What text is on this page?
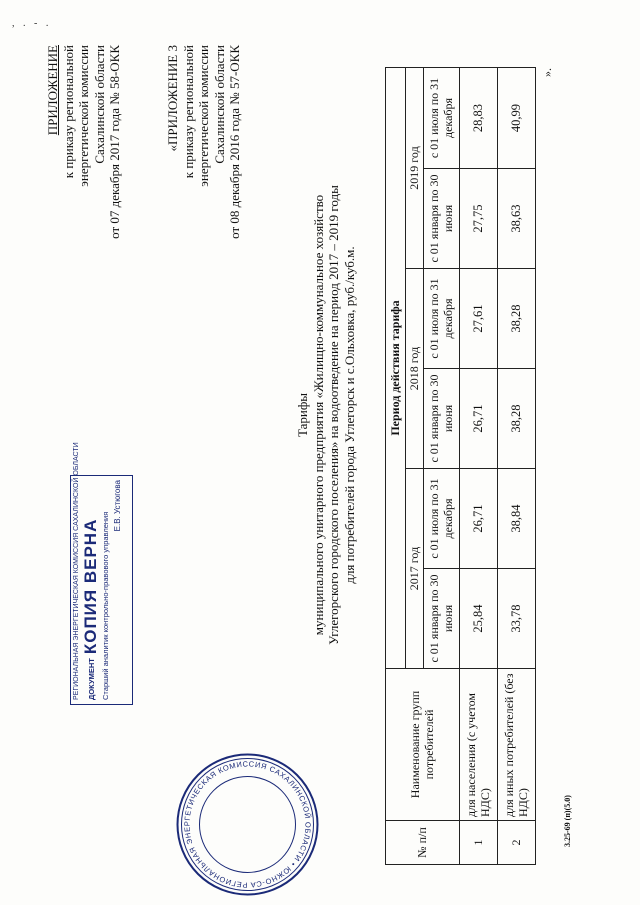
, . - .
ПРИЛОЖЕНИЕ к приказу региональной энергетической комиссии Сахалинской области от 07 декабря 2017 года № 58-ОКК	«ПРИЛОЖЕНИЕ 3 к приказу региональной энергетической комиссии Сахалинской области от 08 декабря 2016 года № 57-ОКК
Тарифы муниципального унитарного предприятия «Жилищно-коммунальное хозяйство Углегорского городского поселения» на водоотведение на период 2017 – 2019 годы для потребителей города Углегорск и с.Ольховка, руб./куб.м.
№ п/п	Наименование групп потребителей	Период действия тарифа					
		2017 год		2018 год		2019 год	
		с 01 января по 30 июня	с 01 июля по 31 декабря	с 01 января по 30 июня	с 01 июля по 31 декабря	с 01 января по 30 июня	с 01 июля по 31 декабря
1	для населения (с учетом НДС)	25,84	26,71	26,71	27,61	27,75	28,83
2	для иных потребителей (без НДС)	33,78	38,84	38,28	38,28	38,63	40,99
».
РЕГИОНАЛЬНАЯ ЭНЕРГЕТИЧЕСКАЯ КОМИССИЯ САХАЛИНСКОЙ ОБЛАСТИ • ЮЖНО-СА
РЕГИОНАЛЬНАЯ ЭНЕРГЕТИЧЕСКАЯ КОМИССИЯ САХАЛИНСКОЙ ОБЛАСТИ ДОКУМЕНТ
КОПИЯ ВЕРНА Старший аналитик контрольно-правового управления
Е.В. Устюгова
3.25-69 (п)(5.0)
